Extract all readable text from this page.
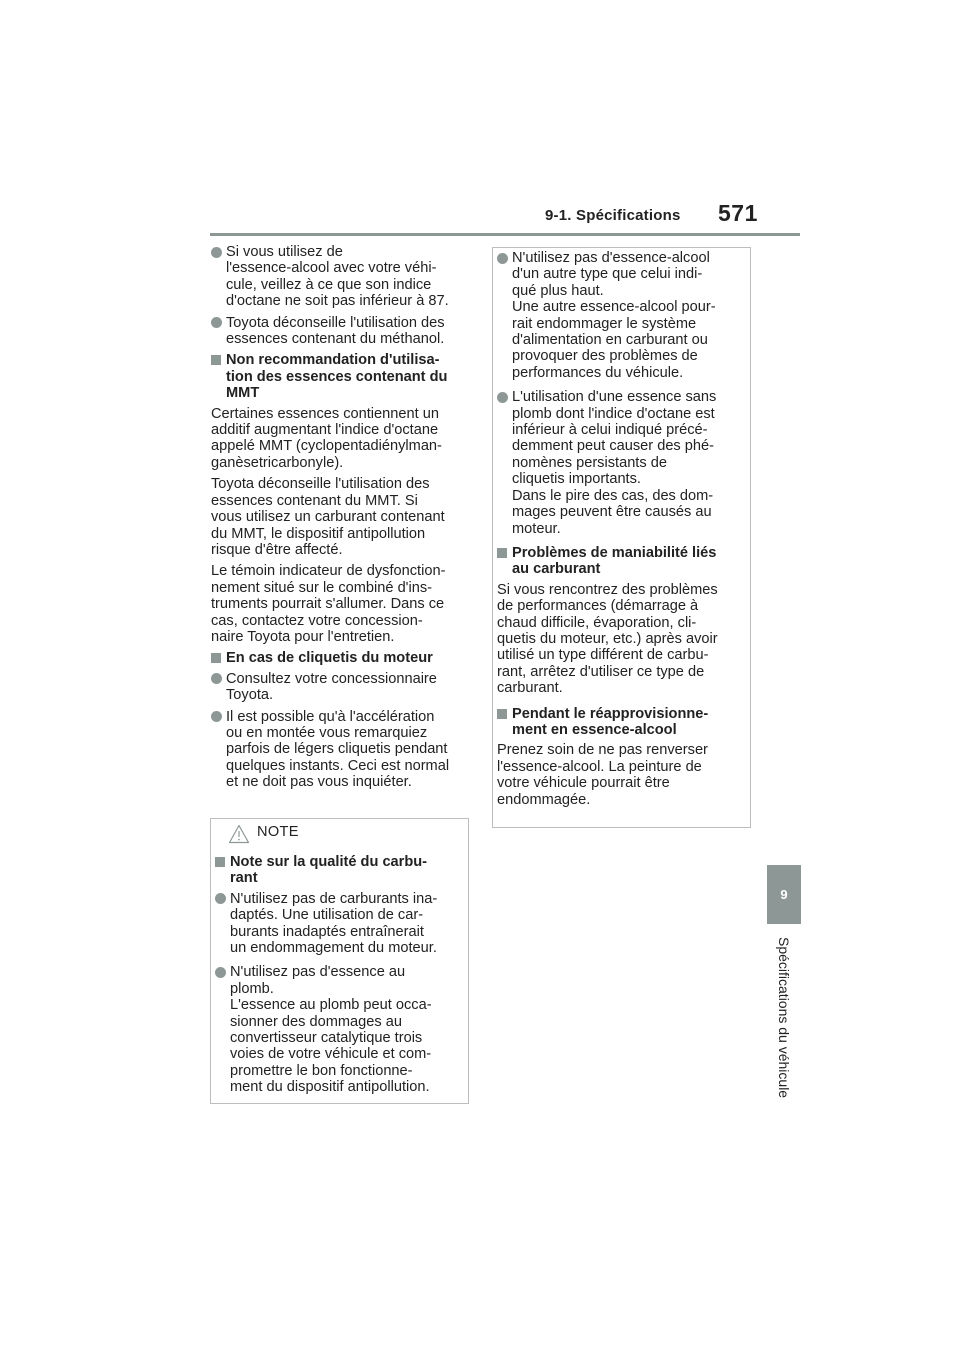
9-1. Spécifications 571
9
Spécifications du véhicule
Si vous utilisez de
l'essence-alcool avec votre véhi-
cule, veillez à ce que son indice
d'octane ne soit pas inférieur à 87.
Toyota déconseille l'utilisation des
essences contenant du méthanol.
Non recommandation d'utilisa-
tion des essences contenant du
MMT
Certaines essences contiennent un
additif augmentant l'indice d'octane
appelé MMT (cyclopentadiénylman-
ganèsetricarbonyle).
Toyota déconseille l'utilisation des
essences contenant du MMT. Si
vous utilisez un carburant contenant
du MMT, le dispositif antipollution
risque d'être affecté.
Le témoin indicateur de dysfonction-
nement situé sur le combiné d'ins-
truments pourrait s'allumer. Dans ce
cas, contactez votre concession-
naire Toyota pour l'entretien.
En cas de cliquetis du moteur
Consultez votre concessionnaire
Toyota.
Il est possible qu'à l'accélération
ou en montée vous remarquiez
parfois de légers cliquetis pendant
quelques instants. Ceci est normal
et ne doit pas vous inquiéter.
NOTE
Note sur la qualité du carbu-
rant
N'utilisez pas de carburants ina-
daptés. Une utilisation de car-
burants inadaptés entraînerait
un endommagement du moteur.
N'utilisez pas d'essence au
plomb.
L'essence au plomb peut occa-
sionner des dommages au
convertisseur catalytique trois
voies de votre véhicule et com-
promettre le bon fonctionne-
ment du dispositif antipollution.
N'utilisez pas d'essence-alcool
d'un autre type que celui indi-
qué plus haut.
Une autre essence-alcool pour-
rait endommager le système
d'alimentation en carburant ou
provoquer des problèmes de
performances du véhicule.
L'utilisation d'une essence sans
plomb dont l'indice d'octane est
inférieur à celui indiqué précé-
demment peut causer des phé-
nomènes persistants de
cliquetis importants.
Dans le pire des cas, des dom-
mages peuvent être causés au
moteur.
Problèmes de maniabilité liés
au carburant
Si vous rencontrez des problèmes
de performances (démarrage à
chaud difficile, évaporation, cli-
quetis du moteur, etc.) après avoir
utilisé un type différent de carbu-
rant, arrêtez d'utiliser ce type de
carburant.
Pendant le réapprovisionne-
ment en essence-alcool
Prenez soin de ne pas renverser
l'essence-alcool. La peinture de
votre véhicule pourrait être
endommagée.
